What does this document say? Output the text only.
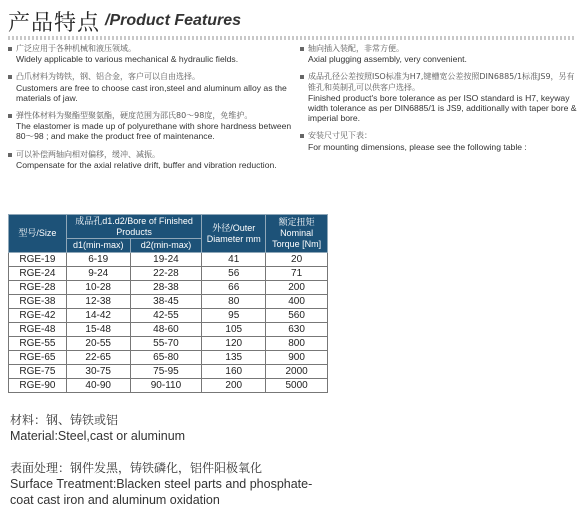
产品特点 /Product Features
广泛应用于各种机械和液压领域。
Widely applicable to various mechanical & hydraulic fields.
凸爪材料为铸铁，钢、铝合金，客户可以自由选择。
Customers are free to choose cast iron,steel and aluminum alloy as the materials of jaw.
弹性体材料为聚酯型聚氨酯，硬度范围为邵氏80～98度，免维护。
The elastomer is made up of polyurethane with shore hardness between 80～98 ; and make the product free of maintenance.
可以补偿两轴向相对偏移，缓冲、减振。
Compensate for the axial relative drift, buffer and vibration reduction.
轴向插入装配，非常方便。
Axial plugging assembly, very convenient.
成品孔径公差按照ISO标准为H7,键槽宽公差按照DIN6885/1标准JS9，另有锥孔和英制孔可以供客户选择。
Finished product's bore tolerance as per ISO standard is H7, keyway width tolerance as per DIN6885/1 is JS9, additionally with taper bore & imperial bore.
安装尺寸见下表：
For mounting dimensions, please see the following table :
型号/Size	成品孔d1.d2/Bore of Finished Products		外径/Outer Diameter mm	额定扭矩 Nominal Torque [Nm]
	d1(min-max)	d2(min-max)		
RGE-19	6-19	19-24	41	20
RGE-24	9-24	22-28	56	71
RGE-28	10-28	28-38	66	200
RGE-38	12-38	38-45	80	400
RGE-42	14-42	42-55	95	560
RGE-48	15-48	48-60	105	630
RGE-55	20-55	55-70	120	800
RGE-65	22-65	65-80	135	900
RGE-75	30-75	75-95	160	2000
RGE-90	40-90	90-110	200	5000
材料：钢、铸铁或铝
Material:Steel,cast or aluminum
表面处理：钢件发黑，铸铁磷化，铝件阳极氧化
Surface Treatment:Blacken steel parts and phosphate-coat cast iron and aluminum oxidation
